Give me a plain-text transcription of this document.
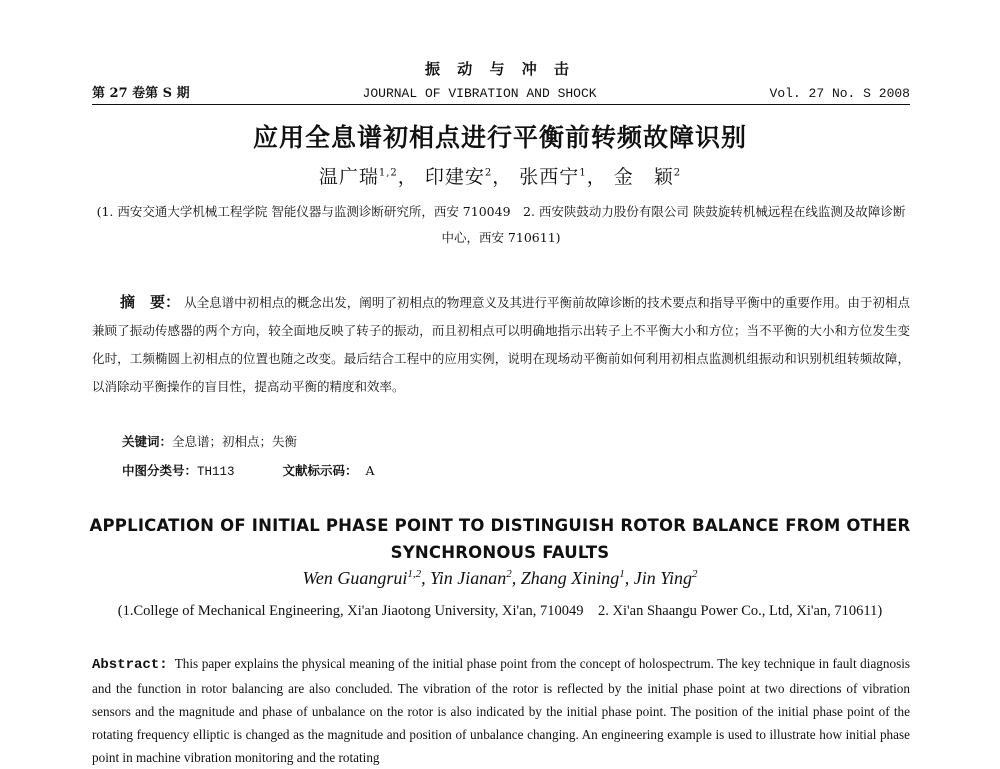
振 动 与 冲 击
第 27 卷第 S 期	JOURNAL OF VIBRATION AND SHOCK	Vol. 27 No. S 2008
应用全息谱初相点进行平衡前转频故障识别
温广瑞$^{1,2}$， 印建安$^2$， 张西宁$^1$， 金　颖$^2$
(1. 西安交通大学机械工程学院 智能仪器与监测诊断研究所，西安 710049　2. 西安陕鼓动力股份有限公司 陕鼓旋转机械远程在线监测及故障诊断中心，西安 710611)
摘　要： 从全息谱中初相点的概念出发，阐明了初相点的物理意义及其进行平衡前故障诊断的技术要点和指导平衡中的重要作用。由于初相点兼顾了振动传感器的两个方向，较全面地反映了转子的振动，而且初相点可以明确地指示出转子上不平衡大小和方位；当不平衡的大小和方位发生变化时，工频椭圆上初相点的位置也随之改变。最后结合工程中的应用实例，说明在现场动平衡前如何利用初相点监测机组振动和识别机组转频故障，以消除动平衡操作的盲目性，提高动平衡的精度和效率。
关键词：全息谱；初相点；失衡
中图分类号：TH113	文献标示码： A
APPLICATION OF INITIAL PHASE POINT TO DISTINGUISH ROTOR BALANCE FROM OTHER SYNCHRONOUS FAULTS
Wen Guangrui$^{1,2}$, Yin Jianan$^2$, Zhang Xining$^1$, Jin Ying$^2$
(1.College of Mechanical Engineering, Xi'an Jiaotong University, Xi'an, 710049　2. Xi'an Shaangu Power Co., Ltd, Xi'an, 710611)
Abstract: This paper explains the physical meaning of the initial phase point from the concept of holospectrum. The key technique in fault diagnosis and the function in rotor balancing are also concluded. The vibration of the rotor is reflected by the initial phase point at two directions of vibration sensors and the magnitude and phase of unbalance on the rotor is also indicated by the initial phase point. The position of the initial phase point of the rotating frequency elliptic is changed as the magnitude and position of unbalance changing. An engineering example is used to illustrate how initial phase point in machine vibration monitoring and the rotating
